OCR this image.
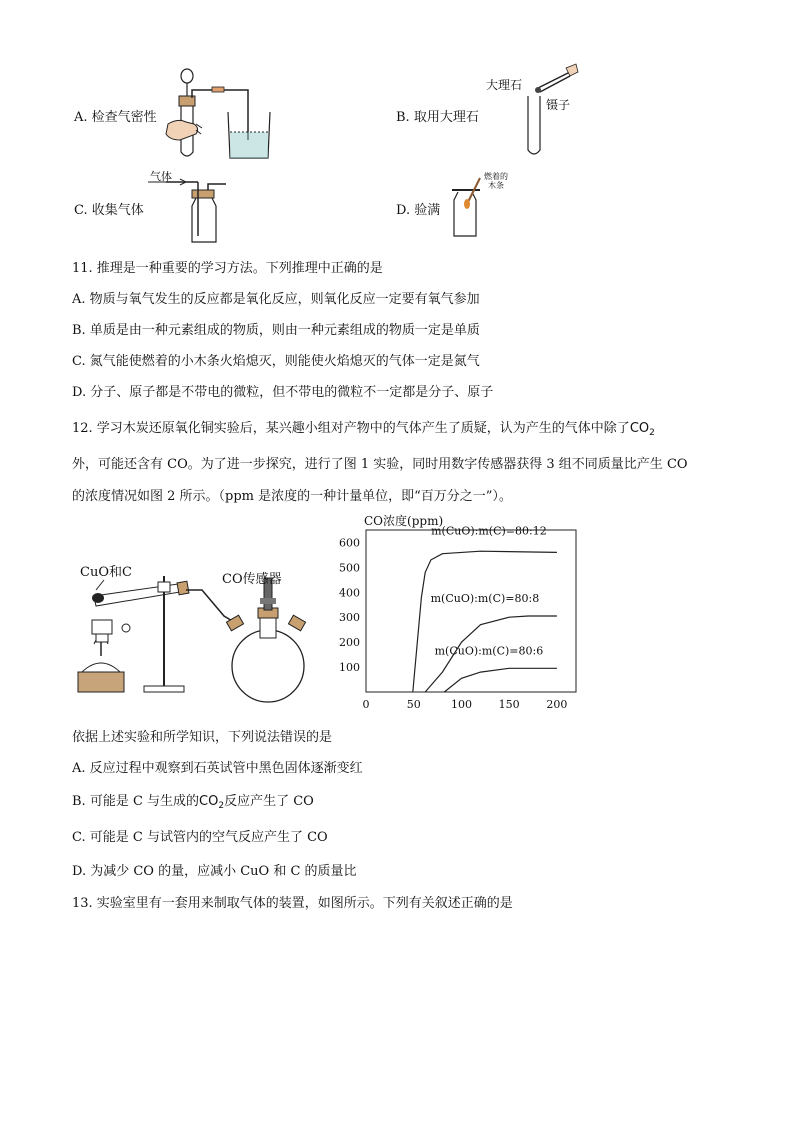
A. 检查气密性
大理石
镊子
B. 取用大理石
气体
C. 收集气体
燃着的
木条
D. 验满
11. 推理是一种重要的学习方法。下列推理中正确的是
A. 物质与氧气发生的反应都是氧化反应，则氧化反应一定要有氧气参加
B. 单质是由一种元素组成的物质，则由一种元素组成的物质一定是单质
C. 氮气能使燃着的小木条火焰熄灭，则能使火焰熄灭的气体一定是氮气
D. 分子、原子都是不带电的微粒，但不带电的微粒不一定都是分子、原子
12. 学习木炭还原氧化铜实验后，某兴趣小组对产物中的气体产生了质疑，认为产生的气体中除了$CO_2$
外，可能还含有 CO。为了进一步探究，进行了图 1 实验，同时用数字传感器获得 3 组不同质量比产生 CO
的浓度情况如图 2 所示。（ppm 是浓度的一种计量单位，即“百万分之一”）。
CuO和C	CO传感器
CO浓度(ppm)
100
200
300
400
500
600
0	50	100 150 200
m(CuO):m(C)=80:12
m(CuO):m(C)=80:8
m(CuO):m(C)=80:6
依据上述实验和所学知识，下列说法错误的是
A. 反应过程中观察到石英试管中黑色固体逐渐变红
B. 可能是 C 与生成的$CO_2$反应产生了 CO
C. 可能是 C 与试管内的空气反应产生了 CO
D. 为减少 CO 的量，应减小 CuO 和 C 的质量比
13. 实验室里有一套用来制取气体的装置，如图所示。下列有关叙述正确的是
